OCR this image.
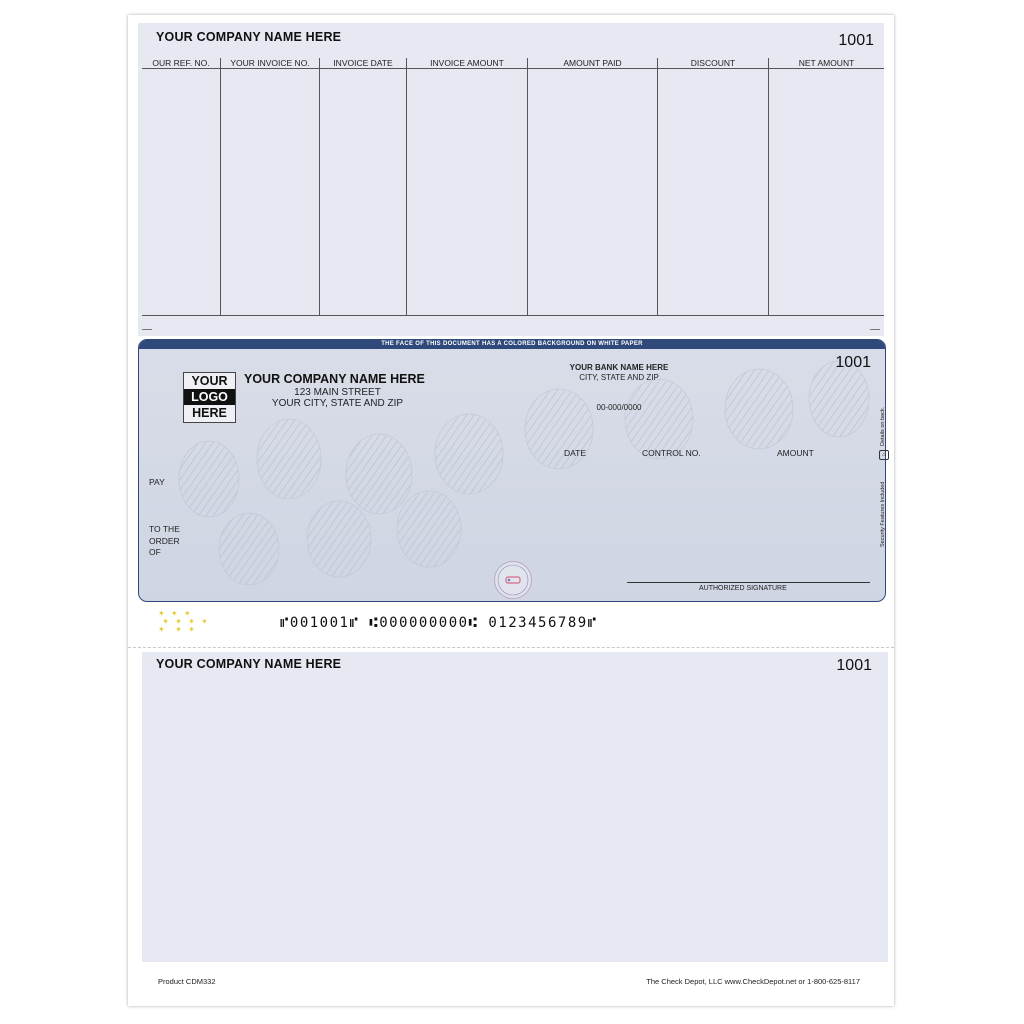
YOUR COMPANY NAME HERE	1001
OUR REF. NO.	YOUR INVOICE NO.	INVOICE DATE	INVOICE AMOUNT	AMOUNT PAID	DISCOUNT	NET AMOUNT

THE FACE OF THIS DOCUMENT HAS A COLORED BACKGROUND ON WHITE PAPER
YOUR
LOGO
HERE
YOUR COMPANY NAME HERE
123 MAIN STREET
YOUR CITY, STATE AND ZIP
YOUR BANK NAME HERE
CITY, STATE AND ZIP
00-000/0000
1001
DATE	CONTROL NO.	AMOUNT
PAY
TO THE
ORDER
OF
AUTHORIZED SIGNATURE
Details on back.
Security Features Included
⌂
✶ ✶ ✶
✶ ✶ ✶ ✶
✶  ✶ ✶	⑈001001⑈ ⑆000000000⑆ 0123456789⑈
YOUR COMPANY NAME HERE	1001
Product CDM332	The Check Depot, LLC www.CheckDepot.net or 1-800-625-8117
